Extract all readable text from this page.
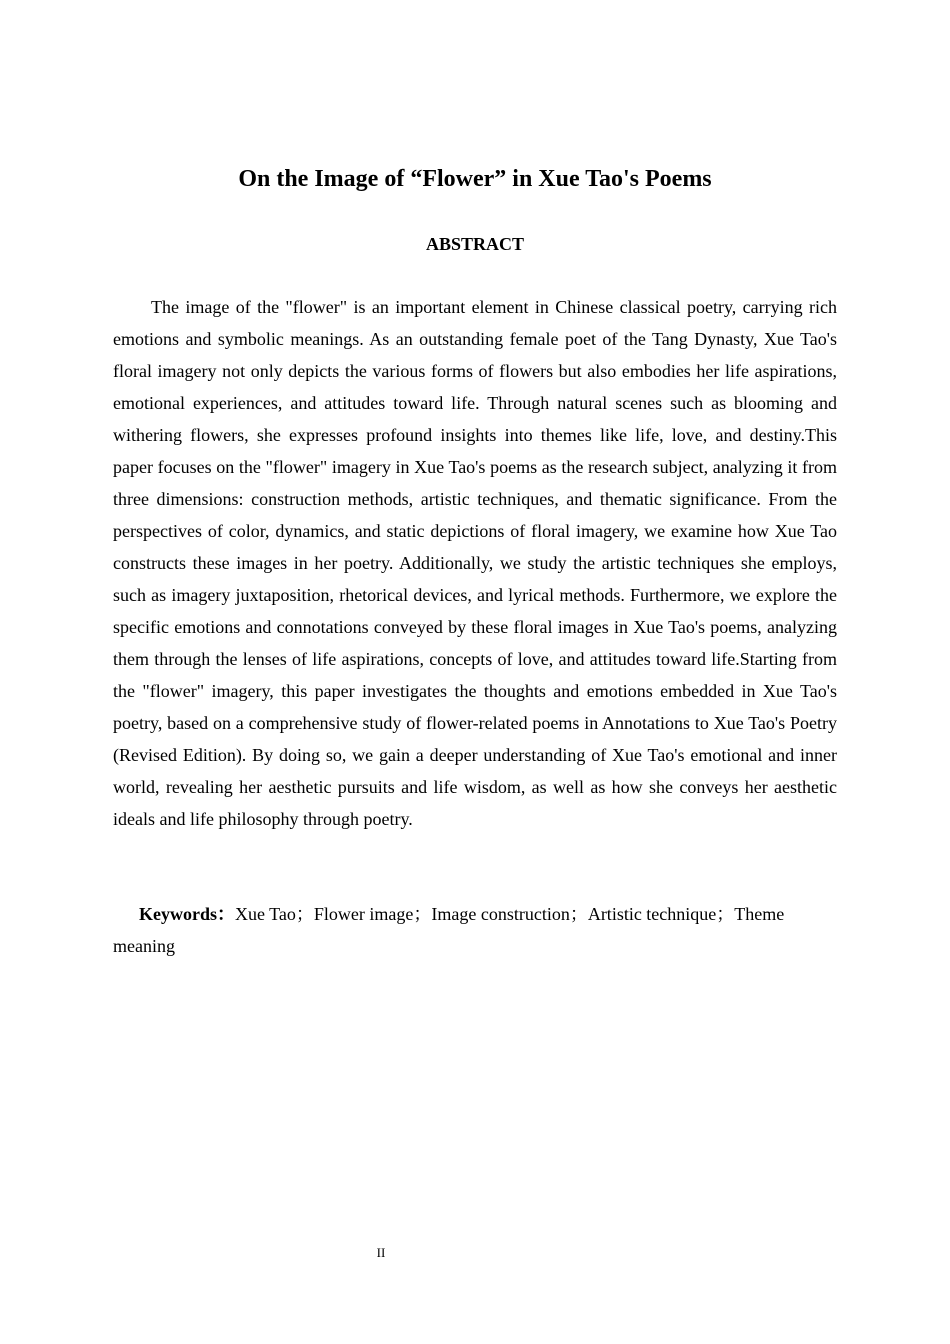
On the Image of “Flower” in Xue Tao's Poems
ABSTRACT

The image of the "flower" is an important element in Chinese classical poetry, carrying rich emotions and symbolic meanings. As an outstanding female poet of the Tang Dynasty, Xue Tao's floral imagery not only depicts the various forms of flowers but also embodies her life aspirations, emotional experiences, and attitudes toward life. Through natural scenes such as blooming and withering flowers, she expresses profound insights into themes like life, love, and destiny.This paper focuses on the "flower" imagery in Xue Tao's poems as the research subject, analyzing it from three dimensions: construction methods, artistic techniques, and thematic significance. From the perspectives of color, dynamics, and static depictions of floral imagery, we examine how Xue Tao constructs these images in her poetry. Additionally, we study the artistic techniques she employs, such as imagery juxtaposition, rhetorical devices, and lyrical methods. Furthermore, we explore the specific emotions and connotations conveyed by these floral images in Xue Tao's poems, analyzing them through the lenses of life aspirations, concepts of love, and attitudes toward life.Starting from the "flower" imagery, this paper investigates the thoughts and emotions embedded in Xue Tao's poetry, based on a comprehensive study of flower-related poems in Annotations to Xue Tao's Poetry (Revised Edition). By doing so, we gain a deeper understanding of Xue Tao's emotional and inner world, revealing her aesthetic pursuits and life wisdom, as well as how she conveys her aesthetic ideals and life philosophy through poetry.

Keywords：Xue Tao；Flower image；Image construction；Artistic technique；Theme meaning

II
